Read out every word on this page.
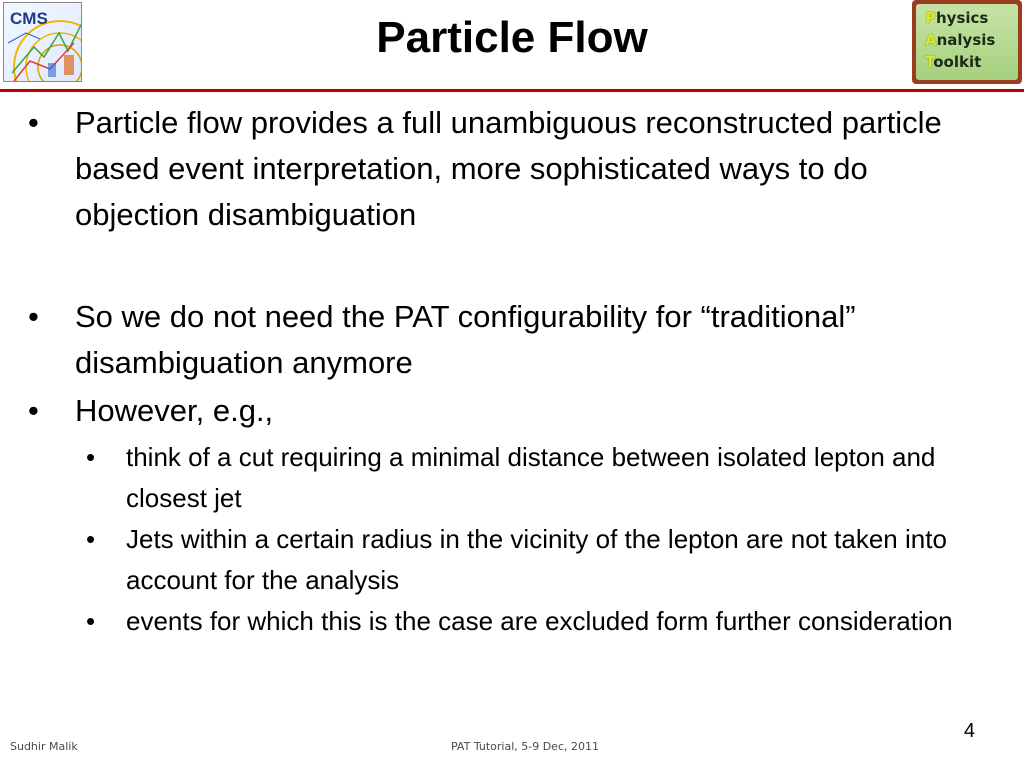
CMS	Particle Flow	Physics
Analysis
Toolkit
•	Particle flow provides a full unambiguous reconstructed particle based event interpretation, more sophisticated ways to do objection disambiguation
•	So we do not need the PAT configurability for “traditional” disambiguation anymore
•	However, e.g.,
•	think of a cut requiring a minimal distance between isolated lepton and closest jet
•	Jets within a certain radius in the vicinity of the lepton are not taken into account for the analysis
•	events for which this is the case are excluded form further consideration
4
Sudhir Malik	PAT Tutorial, 5-9 Dec, 2011
